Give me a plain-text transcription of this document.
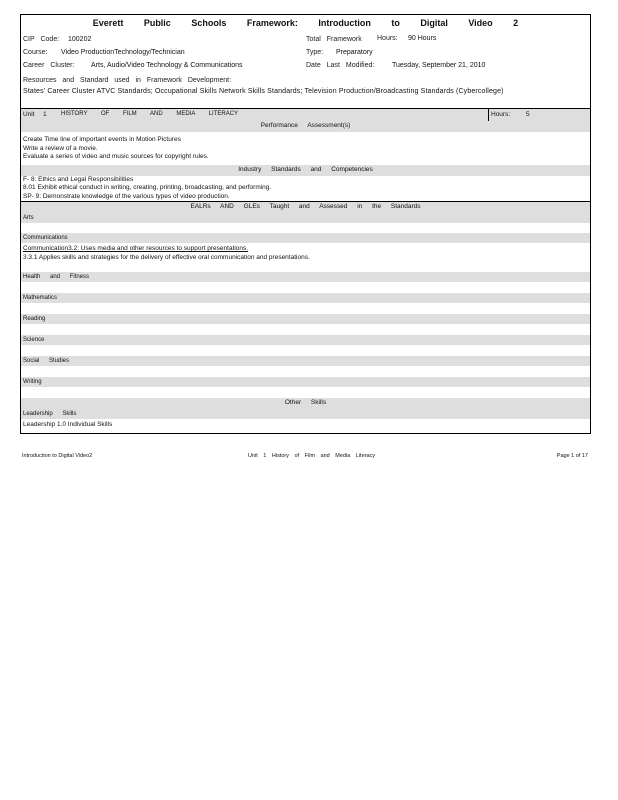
Everett Public Schools Framework: Introduction to Digital Video 2
CIP Code: 100202	Total Framework Hours: 90 Hours
Course: Video ProductionTechnology/Technician	Type: Preparatory
Career Cluster: Arts, Audio/Video Technology & Communications	Date Last Modified:	Tuesday, September 21, 2010
Resources and Standard used in Framework Development:
States' Career Cluster ATVC Standards; Occupational Skills Network Skills Standards; Television Production/Broadcasting Standards (Cybercollege)
Unit 1 HISTORY OF FILM AND MEDIA LITERACY	Hours: 5
Performance Assessment(s)
Create Time line of important events in Motion Pictures
Write a review of a movie.
Evaluate a series of video and music sources for copyright rules.
Industry Standards and Competencies
F- 8: Ethics and Legal Responsibilities
8.01 Exhibit ethical conduct in writing, creating, printing, broadcasting, and performing.
SP- 9: Demonstrate knowledge of the various types of video production.
EALRs AND GLEs Taught and Assessed in the Standards
Arts
Communications
Communication3.2: Uses media and other resources to support presentations.
3.3.1 Applies skills and strategies for the delivery of effective oral communication and presentations.
Health and Fitness
Mathematics
Reading
Science
Social Studies
Writing
Other Skills
Leadership Skills
Leadership 1.0 Individual Skills
Introduction to Digital Video2	Unit 1 History of Film and Media Literacy	Page 1 of 17
